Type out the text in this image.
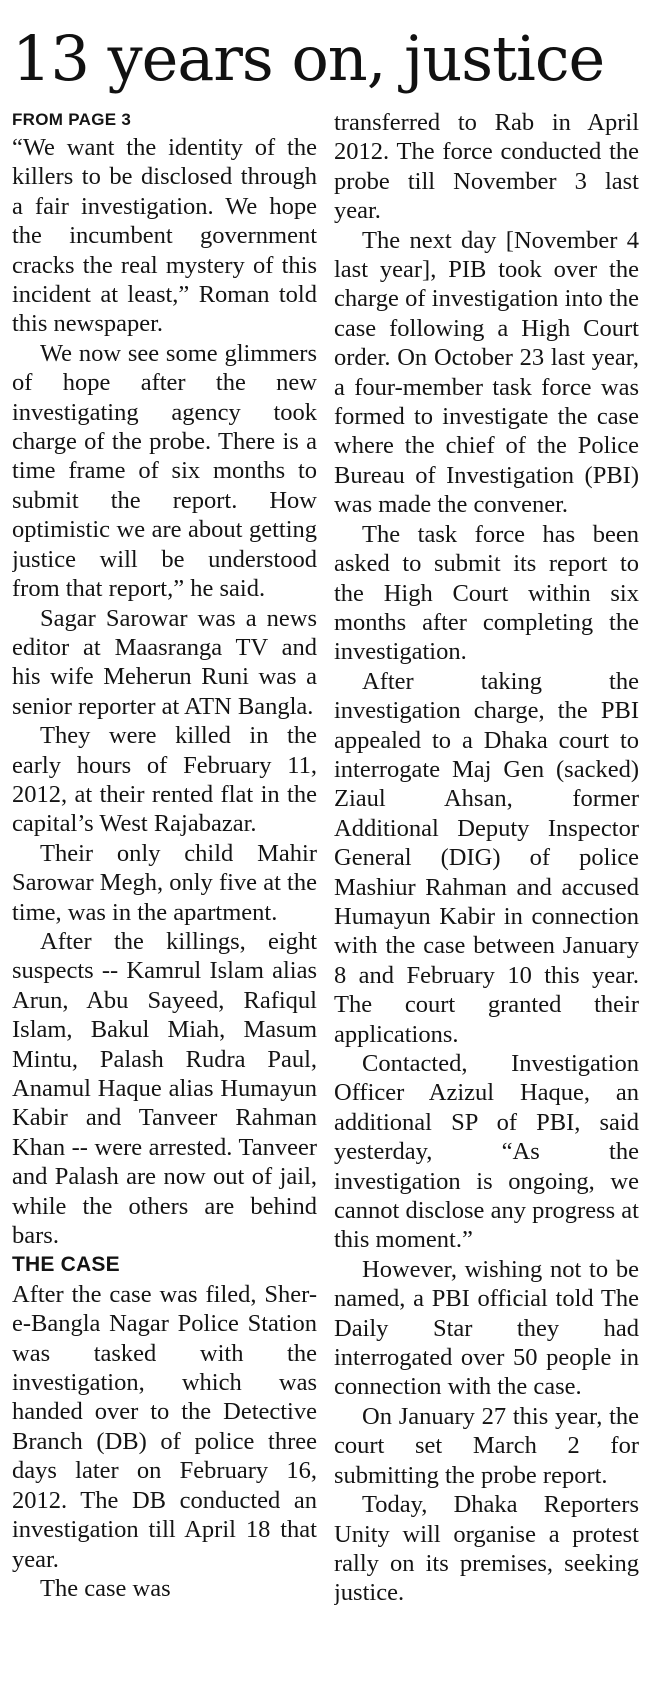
13 years on, justice
FROM PAGE 3

“We want the identity of the killers to be disclosed through a fair investigation. We hope the incumbent government cracks the real mystery of this incident at least,” Roman told this newspaper.

We now see some glimmers of hope after the new investigating agency took charge of the probe. There is a time frame of six months to submit the report. How optimistic we are about getting justice will be understood from that report,” he said.

Sagar Sarowar was a news editor at Maasranga TV and his wife Meherun Runi was a senior reporter at ATN Bangla.

They were killed in the early hours of February 11, 2012, at their rented flat in the capital’s West Rajabazar.

Their only child Mahir Sarowar Megh, only five at the time, was in the apartment.

After the killings, eight suspects -- Kamrul Islam alias Arun, Abu Sayeed, Rafiqul Islam, Bakul Miah, Masum Mintu, Palash Rudra Paul, Anamul Haque alias Humayun Kabir and Tanveer Rahman Khan -- were arrested. Tanveer and Palash are now out of jail, while the others are behind bars.

THE CASE

After the case was filed, Sher-e-Bangla Nagar Police Station was tasked with the investigation, which was handed over to the Detective Branch (DB) of police three days later on February 16, 2012. The DB conducted an investigation till April 18 that year.

The case was

transferred to Rab in April 2012. The force conducted the probe till November 3 last year.

The next day [November 4 last year], PIB took over the charge of investigation into the case following a High Court order. On October 23 last year, a four-member task force was formed to investigate the case where the chief of the Police Bureau of Investigation (PBI) was made the convener.

The task force has been asked to submit its report to the High Court within six months after completing the investigation.

After taking the investigation charge, the PBI appealed to a Dhaka court to interrogate Maj Gen (sacked) Ziaul Ahsan, former Additional Deputy Inspector General (DIG) of police Mashiur Rahman and accused Humayun Kabir in connection with the case between January 8 and February 10 this year. The court granted their applications.

Contacted, Investigation Officer Azizul Haque, an additional SP of PBI, said yesterday, “As the investigation is ongoing, we cannot disclose any progress at this moment.”

However, wishing not to be named, a PBI official told The Daily Star they had interrogated over 50 people in connection with the case.

On January 27 this year, the court set March 2 for submitting the probe report.

Today, Dhaka Reporters Unity will organise a protest rally on its premises, seeking justice.
